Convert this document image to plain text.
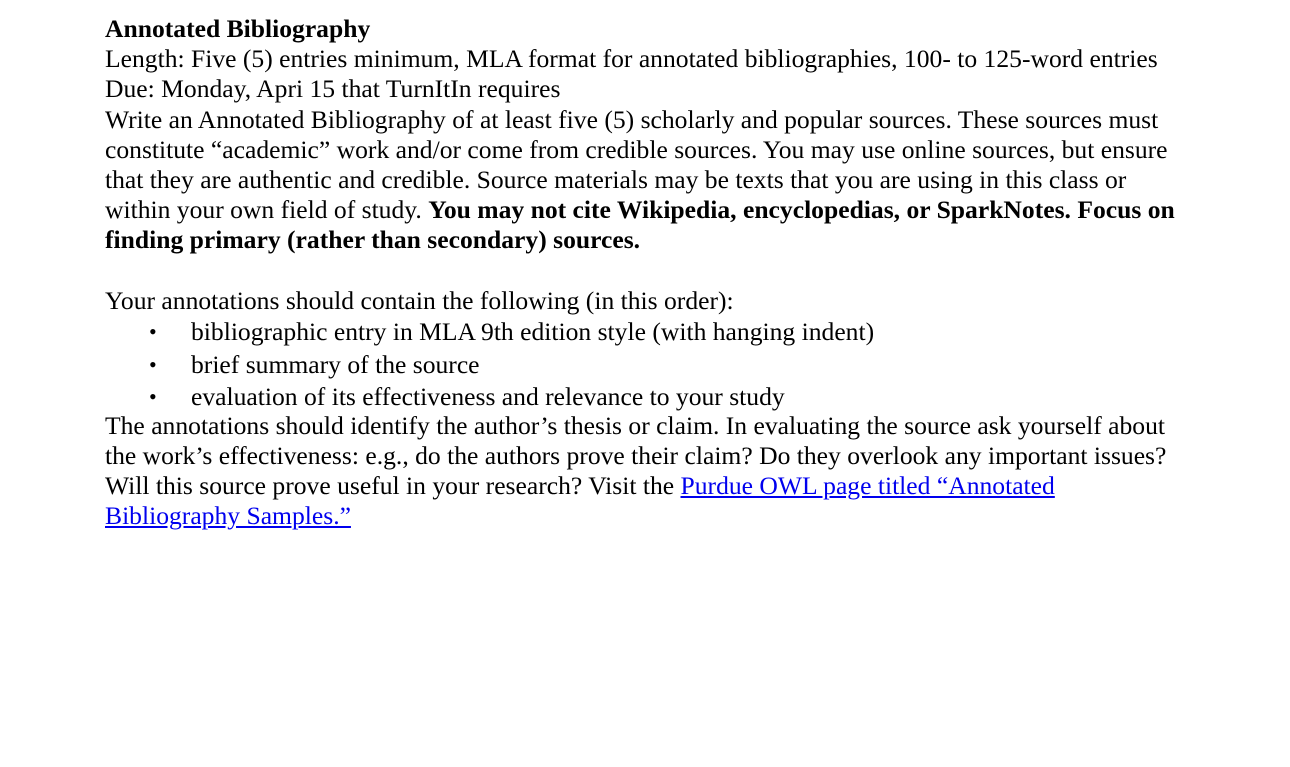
Annotated Bibliography
Length: Five (5) entries minimum, MLA format for annotated bibliographies, 100- to 125-word entries
Due: Monday, Apri 15 that TurnItIn requires
Write an Annotated Bibliography of at least five (5) scholarly and popular sources. These sources must
constitute “academic” work and/or come from credible sources. You may use online sources, but ensure
that they are authentic and credible. Source materials may be texts that you are using in this class or
within your own field of study. You may not cite Wikipedia, encyclopedias, or SparkNotes. Focus on
finding primary (rather than secondary) sources.
Your annotations should contain the following (in this order):
• bibliographic entry in MLA 9th edition style (with hanging indent)
• brief summary of the source
• evaluation of its effectiveness and relevance to your study
The annotations should identify the author’s thesis or claim. In evaluating the source ask yourself about
the work’s effectiveness: e.g., do the authors prove their claim? Do they overlook any important issues?
Will this source prove useful in your research? Visit the Purdue OWL page titled “Annotated
Bibliography Samples.”
